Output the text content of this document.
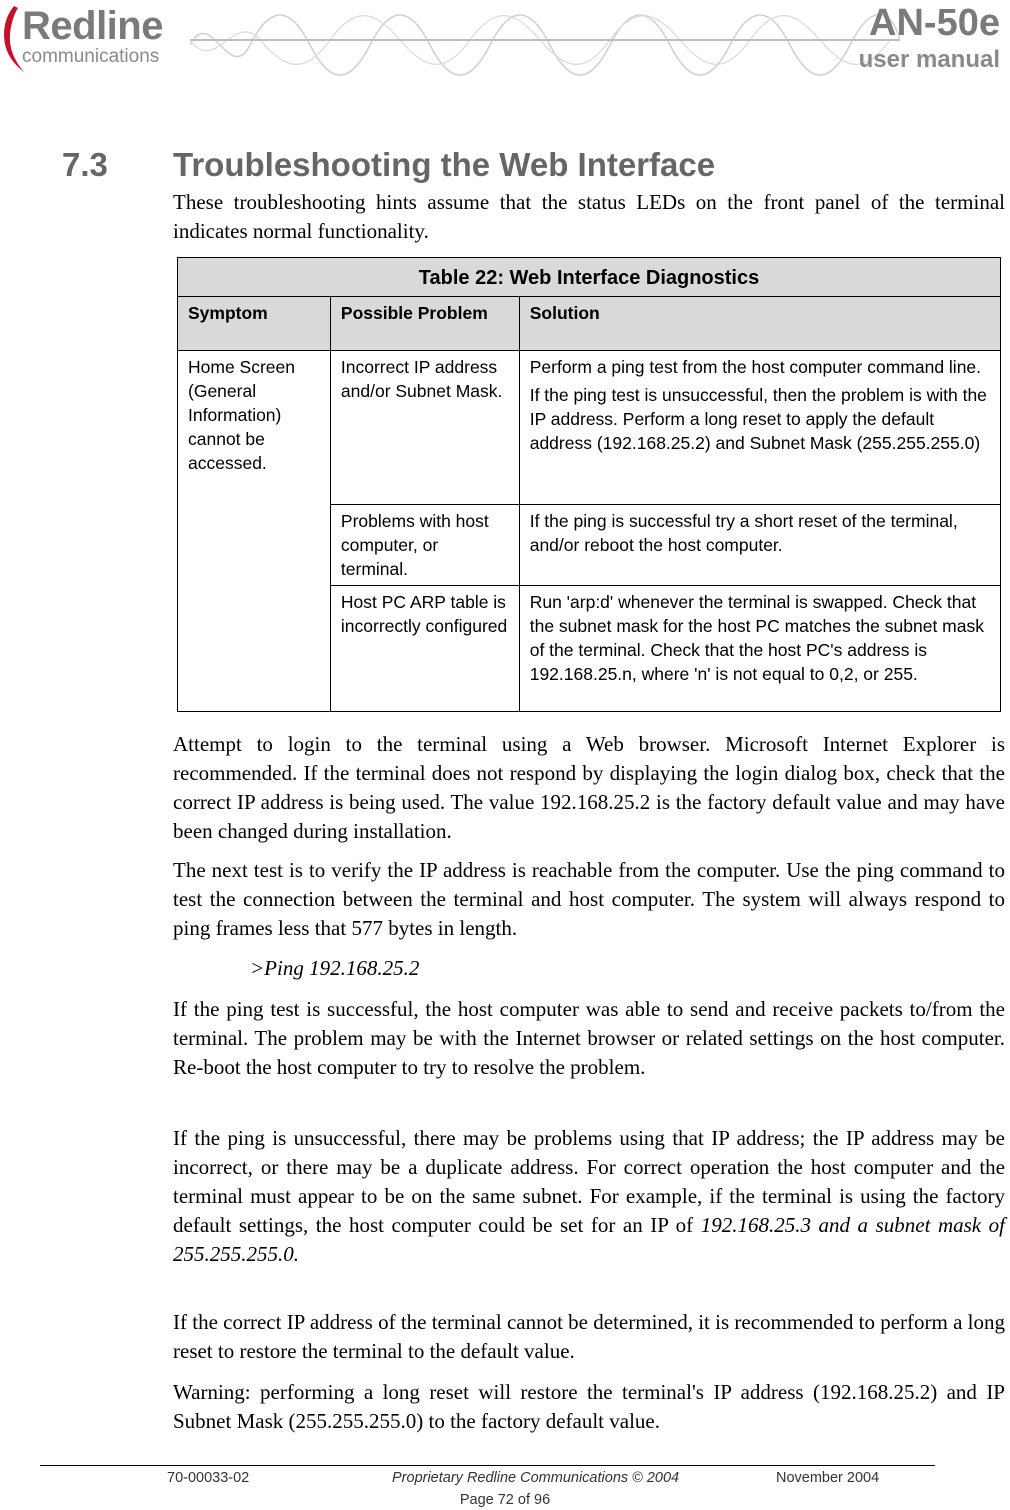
Redline
communications
AN-50e
user manual
7.3 Troubleshooting the Web Interface

These troubleshooting hints assume that the status LEDs on the front panel of the terminal indicates normal functionality.

Table 22: Web Interface Diagnostics		
Symptom	Possible Problem	Solution
Home Screen (General Information) cannot be accessed.	Incorrect IP address and/or Subnet Mask.	Perform a ping test from the host computer command line.

If the ping test is unsuccessful, then the problem is with the IP address. Perform a long reset to apply the default address (192.168.25.2) and Subnet Mask (255.255.255.0)

	Problems with host computer, or terminal.	If the ping is successful try a short reset of the terminal, and/or reboot the host computer.

	Host PC ARP table is incorrectly configured	Run 'arp:d' whenever the terminal is swapped. Check that the subnet mask for the host PC matches the subnet mask of the terminal. Check that the host PC's address is 192.168.25.n, where 'n' is not equal to 0,2, or 255.

Attempt to login to the terminal using a Web browser. Microsoft Internet Explorer is recommended. If the terminal does not respond by displaying the login dialog box, check that the correct IP address is being used. The value 192.168.25.2 is the factory default value and may have been changed during installation.

The next test is to verify the IP address is reachable from the computer. Use the ping command to test the connection between the terminal and host computer. The system will always respond to ping frames less that 577 bytes in length.

>Ping 192.168.25.2

If the ping test is successful, the host computer was able to send and receive packets to/from the terminal. The problem may be with the Internet browser or related settings on the host computer. Re-boot the host computer to try to resolve the problem.

If the ping is unsuccessful, there may be problems using that IP address; the IP address may be incorrect, or there may be a duplicate address. For correct operation the host computer and the terminal must appear to be on the same subnet. For example, if the terminal is using the factory default settings, the host computer could be set for an IP of 192.168.25.3 and a subnet mask of 255.255.255.0.

If the correct IP address of the terminal cannot be determined, it is recommended to perform a long reset to restore the terminal to the default value.

Warning: performing a long reset will restore the terminal's IP address (192.168.25.2) and IP Subnet Mask (255.255.255.0) to the factory default value.

70-00033-02	Proprietary Redline Communications © 2004	November 2004
Page 72 of 96
